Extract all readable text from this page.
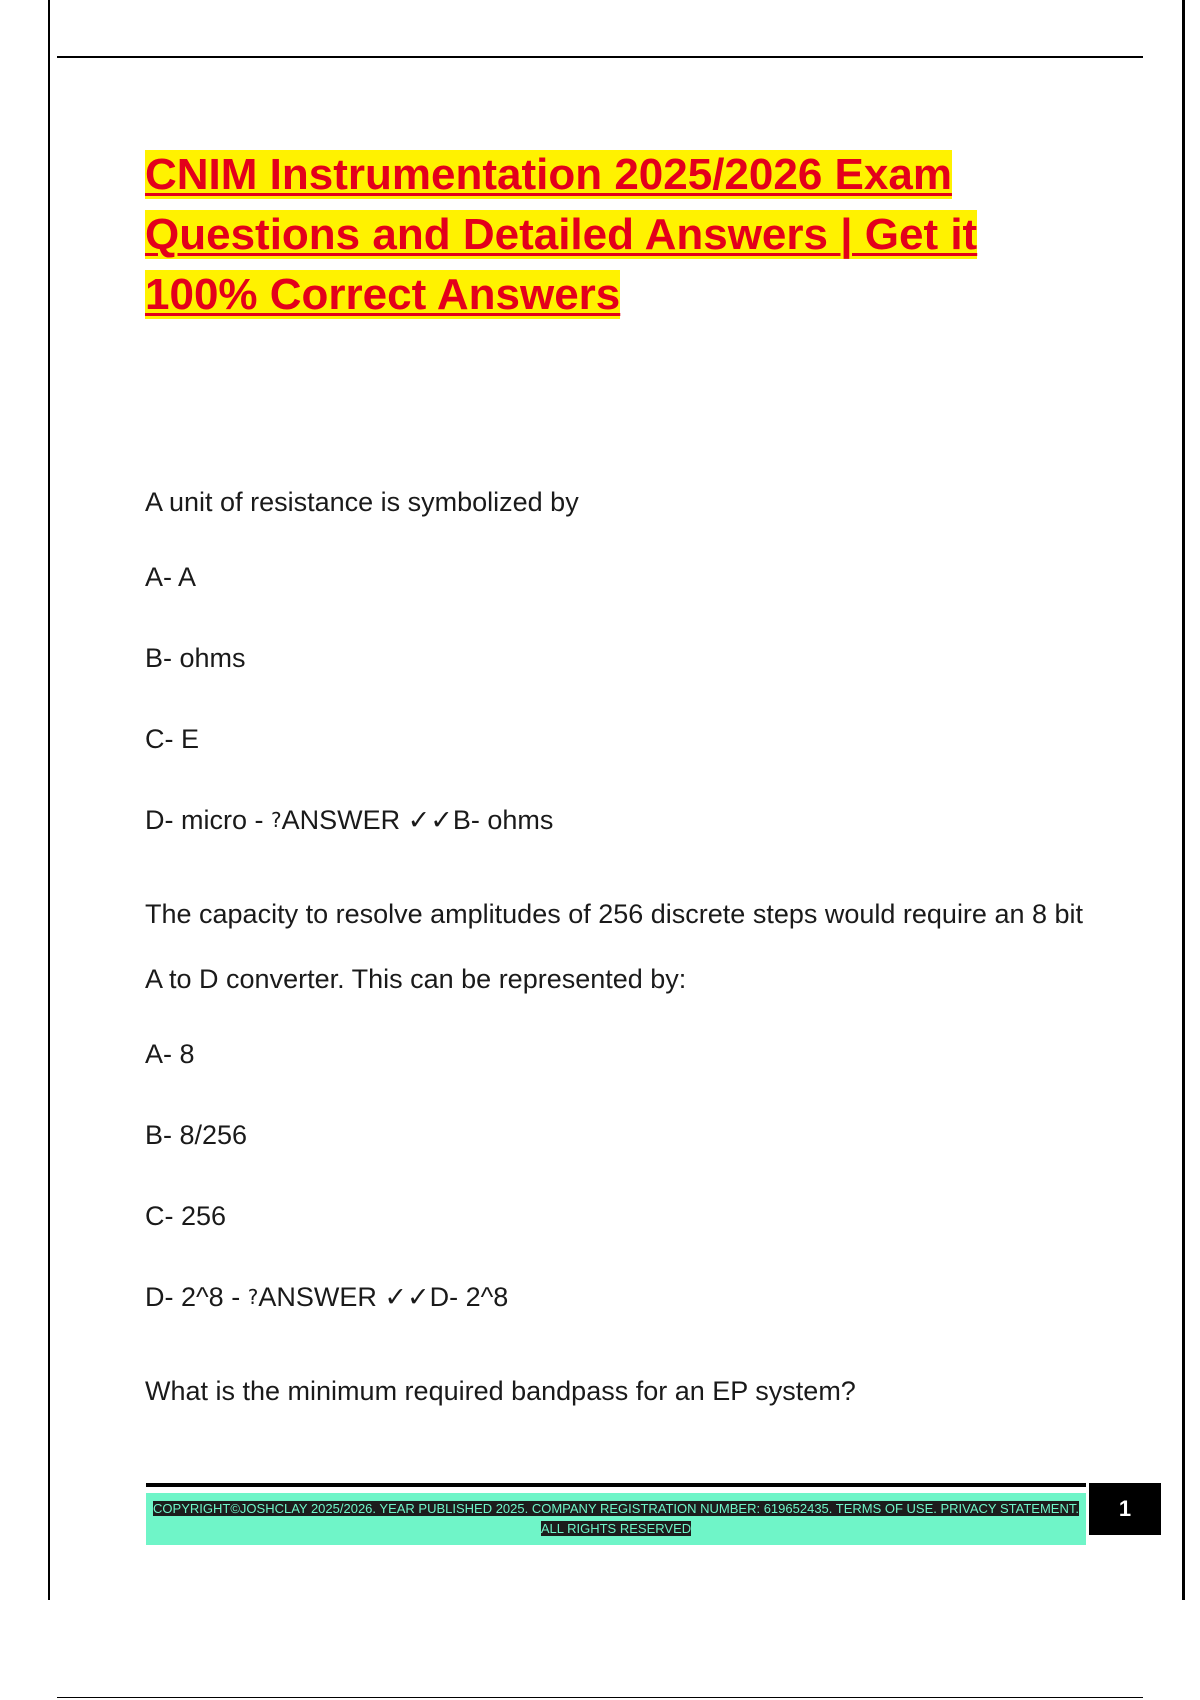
CNIM Instrumentation 2025/2026 Exam Questions and Detailed Answers | Get it 100% Correct Answers

A unit of resistance is symbolized by

A- A

B- ohms

C- E

D- micro - ?ANSWER ✓✓B- ohms

The capacity to resolve amplitudes of 256 discrete steps would require an 8 bit A to D converter. This can be represented by:

A- 8

B- 8/256

C- 256

D- 2^8 - ?ANSWER ✓✓D- 2^8

What is the minimum required bandpass for an EP system?

COPYRIGHT©JOSHCLAY 2025/2026. YEAR PUBLISHED 2025. COMPANY REGISTRATION NUMBER: 619652435. TERMS OF USE. PRIVACY STATEMENT. ALL RIGHTS RESERVED
1
